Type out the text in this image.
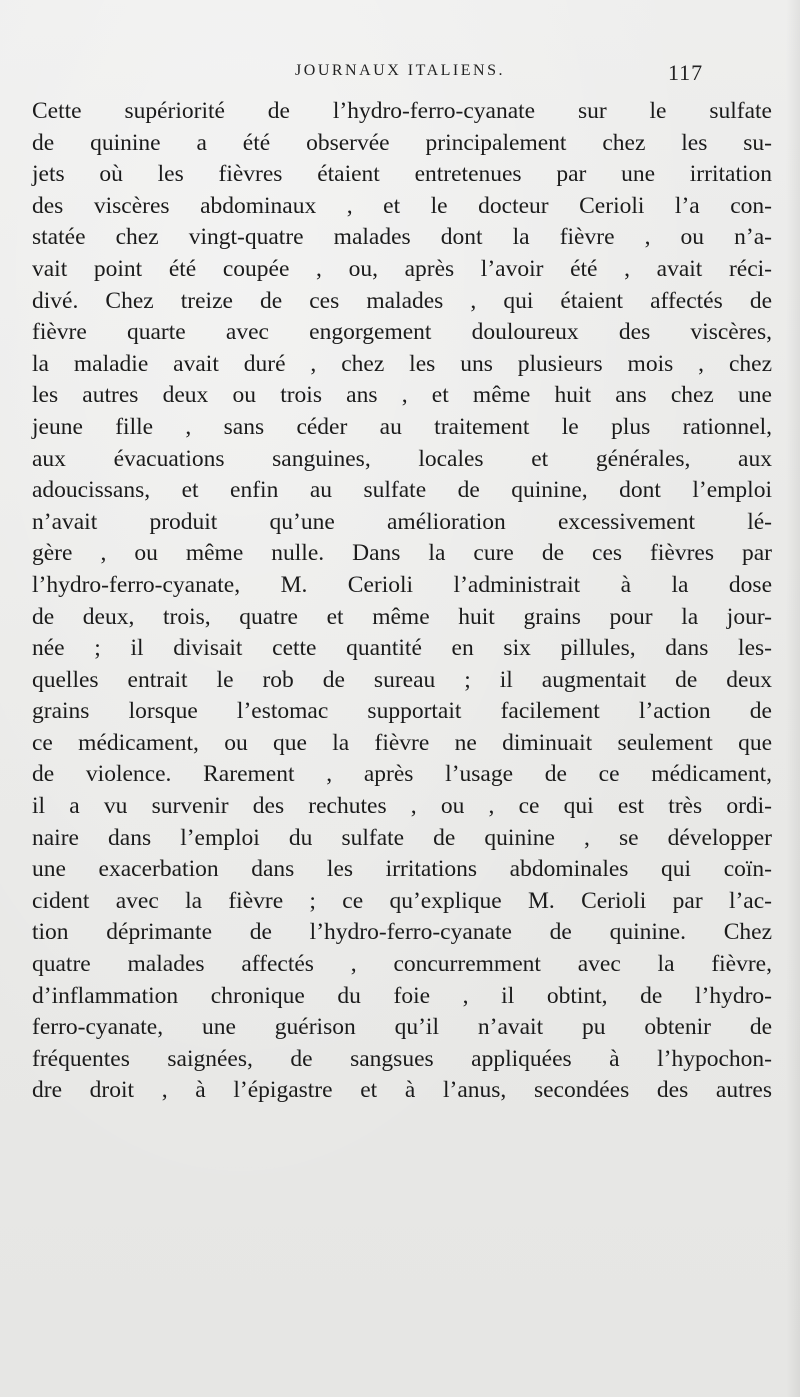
JOURNAUX ITALIENS.	117
Cette supériorité de l’hydro-ferro-cyanate sur le sulfate
de quinine a été observée principalement chez les su-
jets où les fièvres étaient entretenues par une irritation
des viscères abdominaux , et le docteur Cerioli l’a con-
statée chez vingt-quatre malades dont la fièvre , ou n’a-
vait point été coupée , ou, après l’avoir été , avait réci-
divé. Chez treize de ces malades , qui étaient affectés de
fièvre quarte avec engorgement douloureux des viscères,
la maladie avait duré , chez les uns plusieurs mois , chez
les autres deux ou trois ans , et même huit ans chez une
jeune fille , sans céder au traitement le plus rationnel,
aux évacuations sanguines, locales et générales, aux
adoucissans, et enfin au sulfate de quinine, dont l’emploi
n’avait produit qu’une amélioration excessivement lé-
gère , ou même nulle. Dans la cure de ces fièvres par
l’hydro-ferro-cyanate, M. Cerioli l’administrait à la dose
de deux, trois, quatre et même huit grains pour la jour-
née ; il divisait cette quantité en six pillules, dans les-
quelles entrait le rob de sureau ; il augmentait de deux
grains lorsque l’estomac supportait facilement l’action de
ce médicament, ou que la fièvre ne diminuait seulement que
de violence. Rarement , après l’usage de ce médicament,
il a vu survenir des rechutes , ou , ce qui est très ordi-
naire dans l’emploi du sulfate de quinine , se développer
une exacerbation dans les irritations abdominales qui coïn-
cident avec la fièvre ; ce qu’explique M. Cerioli par l’ac-
tion déprimante de l’hydro-ferro-cyanate de quinine. Chez
quatre malades affectés , concurremment avec la fièvre,
d’inflammation chronique du foie , il obtint, de l’hydro-
ferro-cyanate, une guérison qu’il n’avait pu obtenir de
fréquentes saignées, de sangsues appliquées à l’hypochon-
dre droit , à l’épigastre et à l’anus, secondées des autres
